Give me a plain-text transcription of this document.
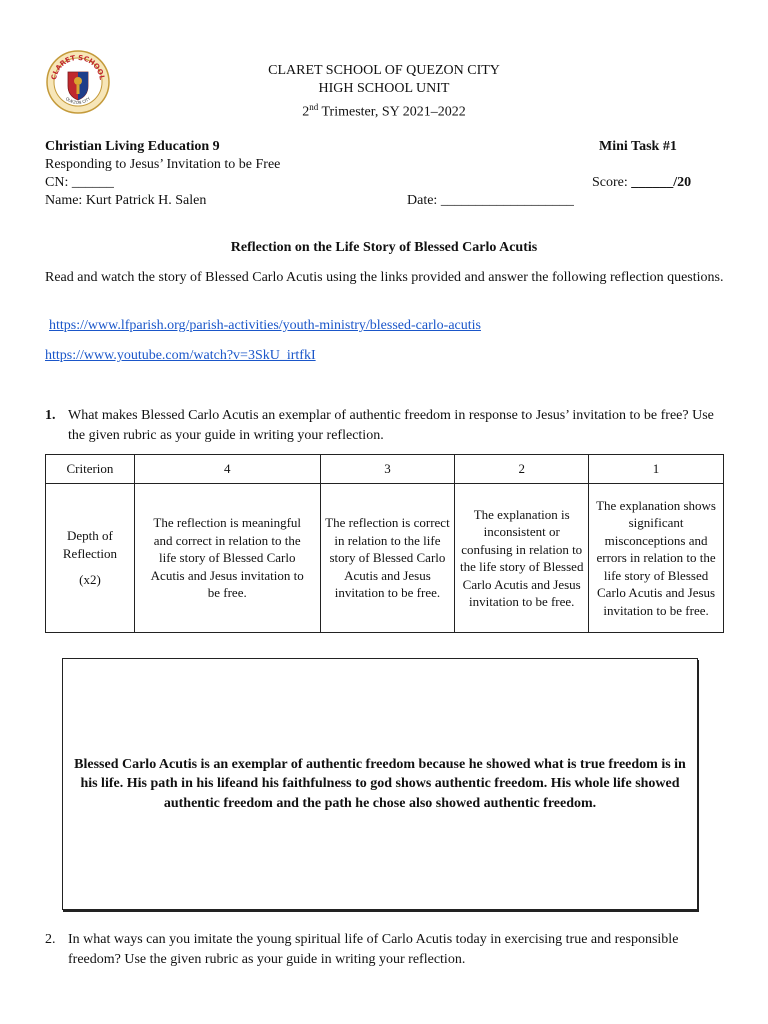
CLARET SCHOOL
QUEZON CITY
CLARET SCHOOL OF QUEZON CITY
HIGH SCHOOL UNIT
2nd Trimester, SY 2021–2022
Christian Living Education 9	Mini Task #1
Responding to Jesus’ Invitation to be Free
CN: ______	Score: ______/20
Name: Kurt Patrick H. Salen	Date: ___________________
Reflection on the Life Story of Blessed Carlo Acutis
Read and watch the story of Blessed Carlo Acutis using the links provided and answer the following reflection questions.
https://www.lfparish.org/parish-activities/youth-ministry/blessed-carlo-acutis
https://www.youtube.com/watch?v=3SkU_irtfkI
1. What makes Blessed Carlo Acutis an exemplar of authentic freedom in response to Jesus’ invitation to be free? Use the given rubric as your guide in writing your reflection.
Criterion	4	3	2	1

Depth of Reflection
(x2)	The reflection is meaningful and correct in relation to the life story of Blessed Carlo Acutis and Jesus invitation to be free.	The reflection is correct in relation to the life story of Blessed Carlo Acutis and Jesus invitation to be free.	The explanation is inconsistent or confusing in relation to the life story of Blessed Carlo Acutis and Jesus invitation to be free.	The explanation shows significant misconceptions and errors in relation to the life story of Blessed Carlo Acutis and Jesus invitation to be free.
Blessed Carlo Acutis is an exemplar of authentic freedom because he showed what is true freedom is in his life. His path in his lifeand his faithfulness to god shows authentic freedom. His whole life showed authentic freedom and the path he chose also showed authentic freedom.
2. In what ways can you imitate the young spiritual life of Carlo Acutis today in exercising true and responsible freedom? Use the given rubric as your guide in writing your reflection.
